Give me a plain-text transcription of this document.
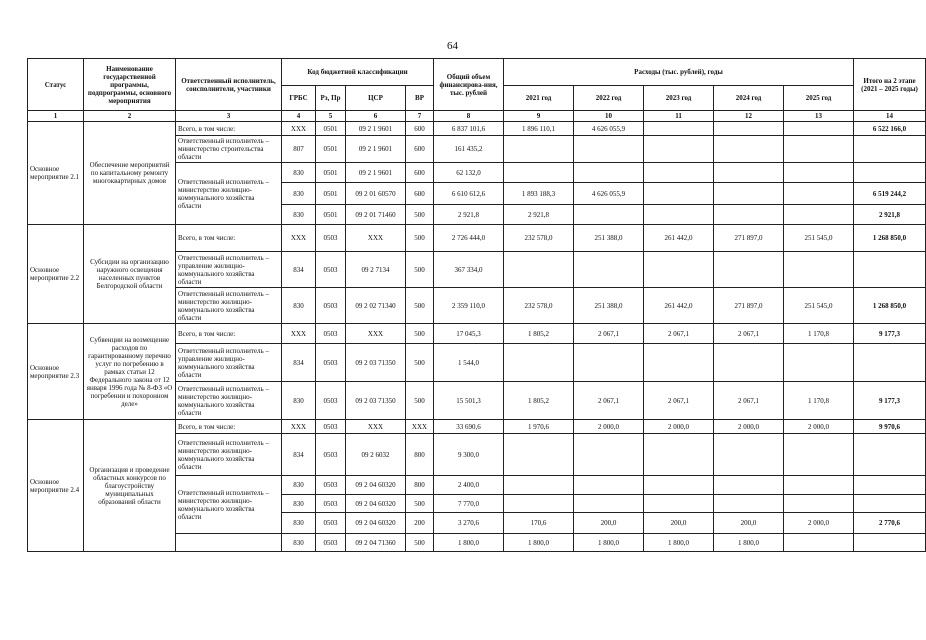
64
Статус	Наименование государственной программы, подпрограммы, основного мероприятия	Ответственный исполнитель, соисполнители, участники	Код бюджетной классификации				Общий объем финансирова-ния, тыс. рублей	Расходы (тыс. рублей), годы					Итого на 2 этапе (2021 – 2025 годы)
			ГРБС	Рз, Пр	ЦСР	ВР		2021 год	2022 год	2023 год	2024 год	2025 год	
1	2	3	4	5	6	7	8	9	10	11	12	13	14
Основное мероприятие 2.1	Обеспечение мероприятий по капитальному ремонту многоквартирных домов	Всего, в том числе:	XXX	0501	09 2 1 9601	600	6 837 101,6	1 896 110,1	4 626 055,9				6 522 166,0
		Ответственный исполнитель – министерство строительства области	807	0501	09 2 1 9601	600	161 435,2						
		Ответственный исполнитель – министерство жилищно-коммунального хозяйства области	830	0501	09 2 1 9601	600	62 132,0						
			830	0501	09 2 01 60570	600	6 610 612,6	1 893 188,3	4 626 055,9				6 519 244,2
			830	0501	09 2 01 71460	500	2 921,8	2 921,8					2 921,8
Основное мероприятие 2.2	Субсидии на организацию наружного освещения населенных пунктов Белгородской области	Всего, в том числе:	XXX	0503	XXX	500	2 726 444,0	232 578,0	251 388,0	261 442,0	271 897,0	251 545,0	1 268 850,0
		Ответственный исполнитель – управление жилищно-коммунального хозяйства области	834	0503	09 2 7134	500	367 334,0						
		Ответственный исполнитель – министерство жилищно-коммунального хозяйства области	830	0503	09 2 02 71340	500	2 359 110,0	232 578,0	251 388,0	261 442,0	271 897,0	251 545,0	1 268 850,0
Основное мероприятие 2.3	Субвенции на возмещение расходов по гарантированному перечню услуг по погребению в рамках статьи 12 Федерального закона от 12 января 1996 года № 8-ФЗ «О погребении и похоронном деле»	Всего, в том числе:	XXX	0503	XXX	500	17 045,3	1 805,2	2 067,1	2 067,1	2 067,1	1 170,8	9 177,3
		Ответственный исполнитель – управление жилищно-коммунального хозяйства области	834	0503	09 2 03 71350	500	1 544,0						
		Ответственный исполнитель – министерство жилищно-коммунального хозяйства области	830	0503	09 2 03 71350	500	15 501,3	1 805,2	2 067,1	2 067,1	2 067,1	1 170,8	9 177,3
Основное мероприятие 2.4	Организация и проведение областных конкурсов по благоустройству муниципальных образований области	Всего, в том числе:	XXX	0503	XXX	XXX	33 690,6	1 970,6	2 000,0	2 000,0	2 000,0	2 000,0	9 970,6
		Ответственный исполнитель – министерство жилищно-коммунального хозяйства области	834	0503	09 2 6032	800	9 300,0						
		Ответственный исполнитель – министерство жилищно-коммунального хозяйства области	830	0503	09 2 04 60320	800	2 400,0						
			830	0503	09 2 04 60320	500	7 770,0						
			830	0503	09 2 04 60320	200	3 270,6	170,6	200,0	200,0	200,0	2 000,0	2 770,6
			830	0503	09 2 04 71360	500	1 800,0	1 800,0	1 800,0	1 800,0	1 800,0		
